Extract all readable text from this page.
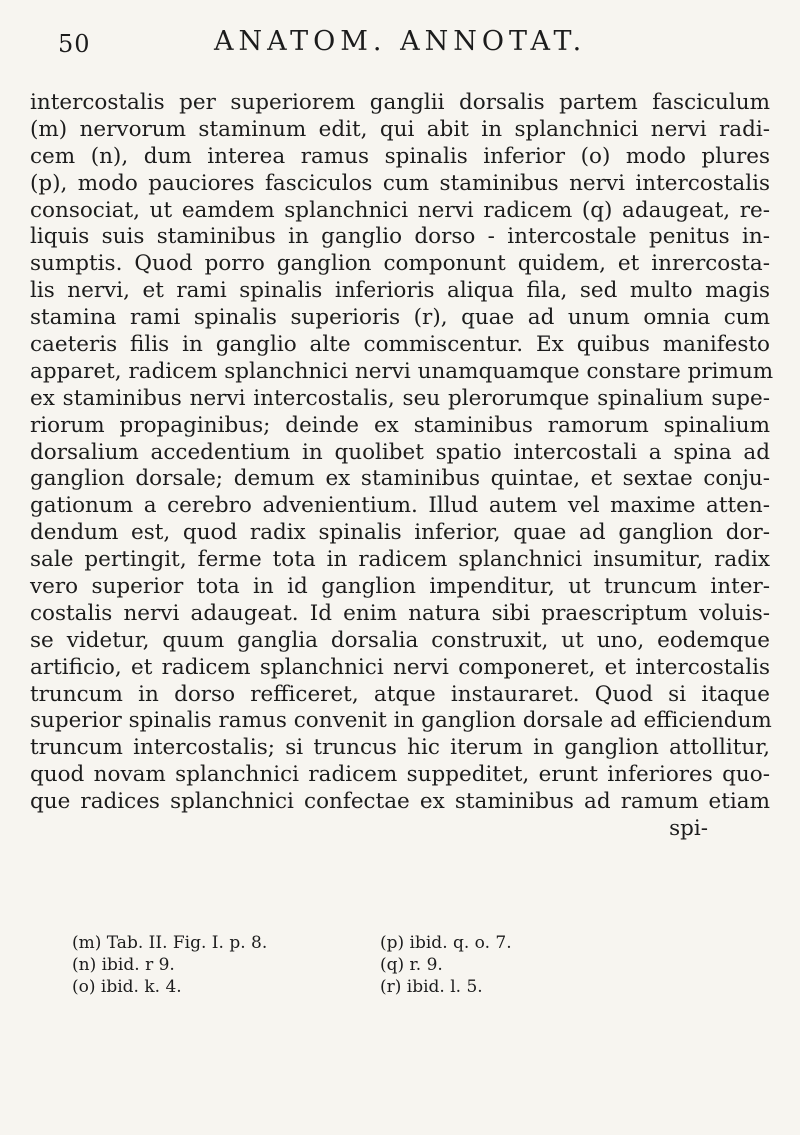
50	ANATOM. ANNOTAT.
intercostalis per superiorem ganglii dorsalis partem fasciculum
(m) nervorum staminum edit, qui abit in splanchnici nervi radi-
cem (n), dum interea ramus spinalis inferior (o) modo plures
(p), modo pauciores fasciculos cum staminibus nervi intercostalis
consociat, ut eamdem splanchnici nervi radicem (q) adaugeat, re-
liquis suis staminibus in ganglio dorso - intercostale penitus in-
sumptis. Quod porro ganglion componunt quidem, et inrercosta-
lis nervi, et rami spinalis inferioris aliqua fila, sed multo magis
stamina rami spinalis superioris (r), quae ad unum omnia cum
caeteris filis in ganglio alte commiscentur. Ex quibus manifesto
apparet, radicem splanchnici nervi unamquamque constare primum
ex staminibus nervi intercostalis, seu plerorumque spinalium supe-
riorum propaginibus; deinde ex staminibus ramorum spinalium
dorsalium accedentium in quolibet spatio intercostali a spina ad
ganglion dorsale; demum ex staminibus quintae, et sextae conju-
gationum a cerebro advenientium. Illud autem vel maxime atten-
dendum est, quod radix spinalis inferior, quae ad ganglion dor-
sale pertingit, ferme tota in radicem splanchnici insumitur, radix
vero superior tota in id ganglion impenditur, ut truncum inter-
costalis nervi adaugeat. Id enim natura sibi praescriptum voluis-
se videtur, quum ganglia dorsalia construxit, ut uno, eodemque
artificio, et radicem splanchnici nervi componeret, et intercostalis
truncum in dorso refficeret, atque instauraret. Quod si itaque
superior spinalis ramus convenit in ganglion dorsale ad efficiendum
truncum intercostalis; si truncus hic iterum in ganglion attollitur,
quod novam splanchnici radicem suppeditet, erunt inferiores quo-
que radices splanchnici confectae ex staminibus ad ramum etiam
spi-
(m) Tab. II. Fig. I. p. 8.
(n) ibid. r 9.
(o) ibid. k. 4.
(p) ibid. q. o. 7.
(q) r. 9.
(r) ibid. l. 5.
